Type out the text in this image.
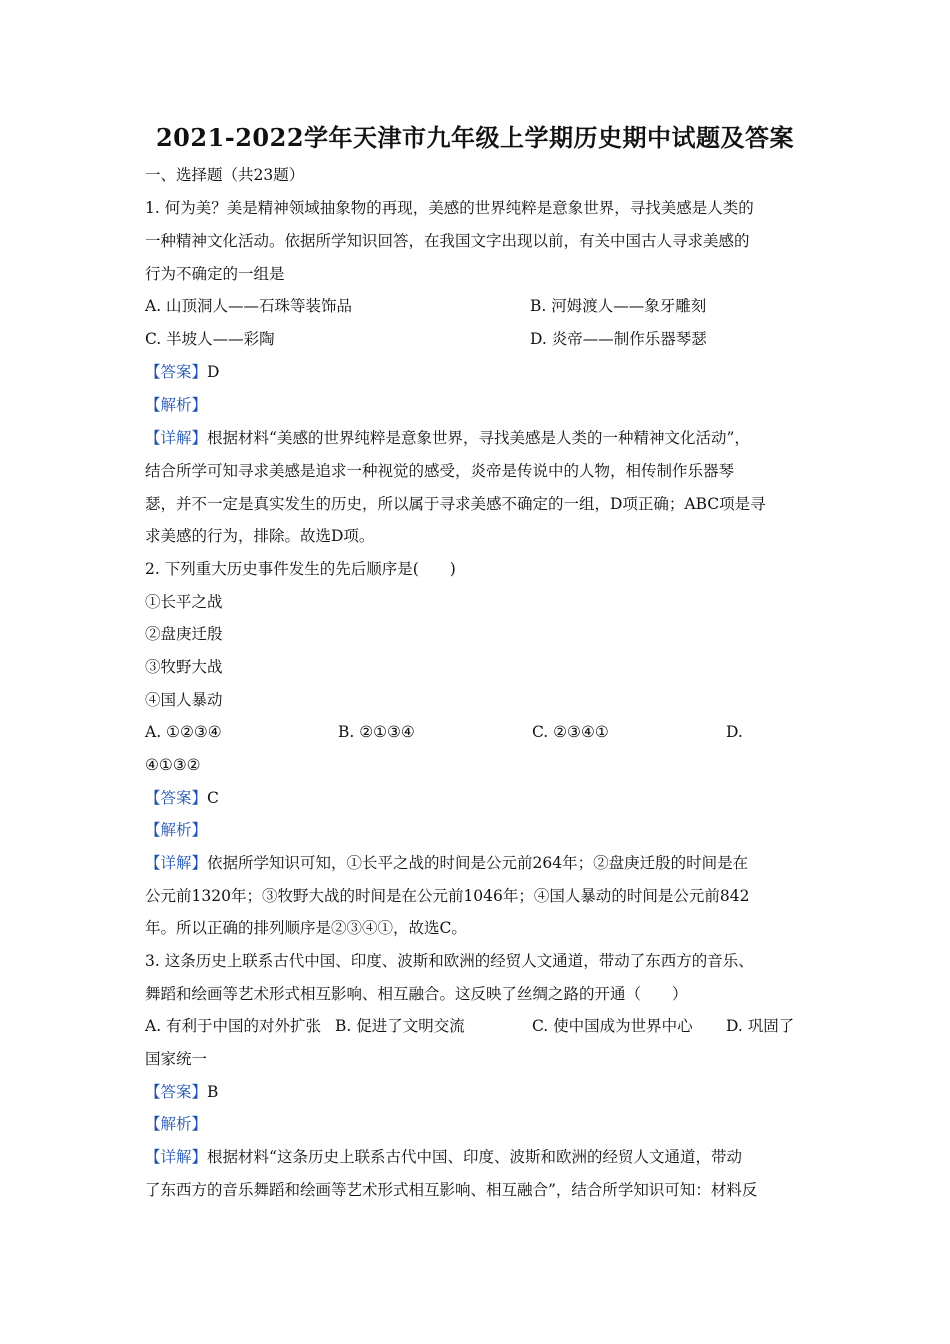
2021-2022学年天津市九年级上学期历史期中试题及答案
一、选择题（共23题）
1. 何为美？美是精神领域抽象物的再现，美感的世界纯粹是意象世界，寻找美感是人类的
一种精神文化活动。依据所学知识回答，在我国文字出现以前，有关中国古人寻求美感的
行为不确定的一组是
A. 山顶洞人——石珠等装饰品	B. 河姆渡人——象牙雕刻
C. 半坡人——彩陶	D. 炎帝——制作乐器琴瑟
【答案】D
【解析】
【详解】根据材料“美感的世界纯粹是意象世界，寻找美感是人类的一种精神文化活动”，
结合所学可知寻求美感是追求一种视觉的感受，炎帝是传说中的人物，相传制作乐器琴
瑟，并不一定是真实发生的历史，所以属于寻求美感不确定的一组，D项正确；ABC项是寻
求美感的行为，排除。故选D项。
2. 下列重大历史事件发生的先后顺序是(　　)
①长平之战
②盘庚迁殷
③牧野大战
④国人暴动
A. ①②③④	B. ②①③④	C. ②③④①	D.
④①③②
【答案】C
【解析】
【详解】依据所学知识可知，①长平之战的时间是公元前264年；②盘庚迁殷的时间是在
公元前1320年；③牧野大战的时间是在公元前1046年；④国人暴动的时间是公元前842
年。所以正确的排列顺序是②③④①，故选C。
3. 这条历史上联系古代中国、印度、波斯和欧洲的经贸人文通道，带动了东西方的音乐、
舞蹈和绘画等艺术形式相互影响、相互融合。这反映了丝绸之路的开通（　　）
A. 有利于中国的对外扩张 B. 促进了文明交流	C. 使中国成为世界中心 D. 巩固了
国家统一
【答案】B
【解析】
【详解】根据材料“这条历史上联系古代中国、印度、波斯和欧洲的经贸人文通道，带动
了东西方的音乐舞蹈和绘画等艺术形式相互影响、相互融合”，结合所学知识可知：材料反
